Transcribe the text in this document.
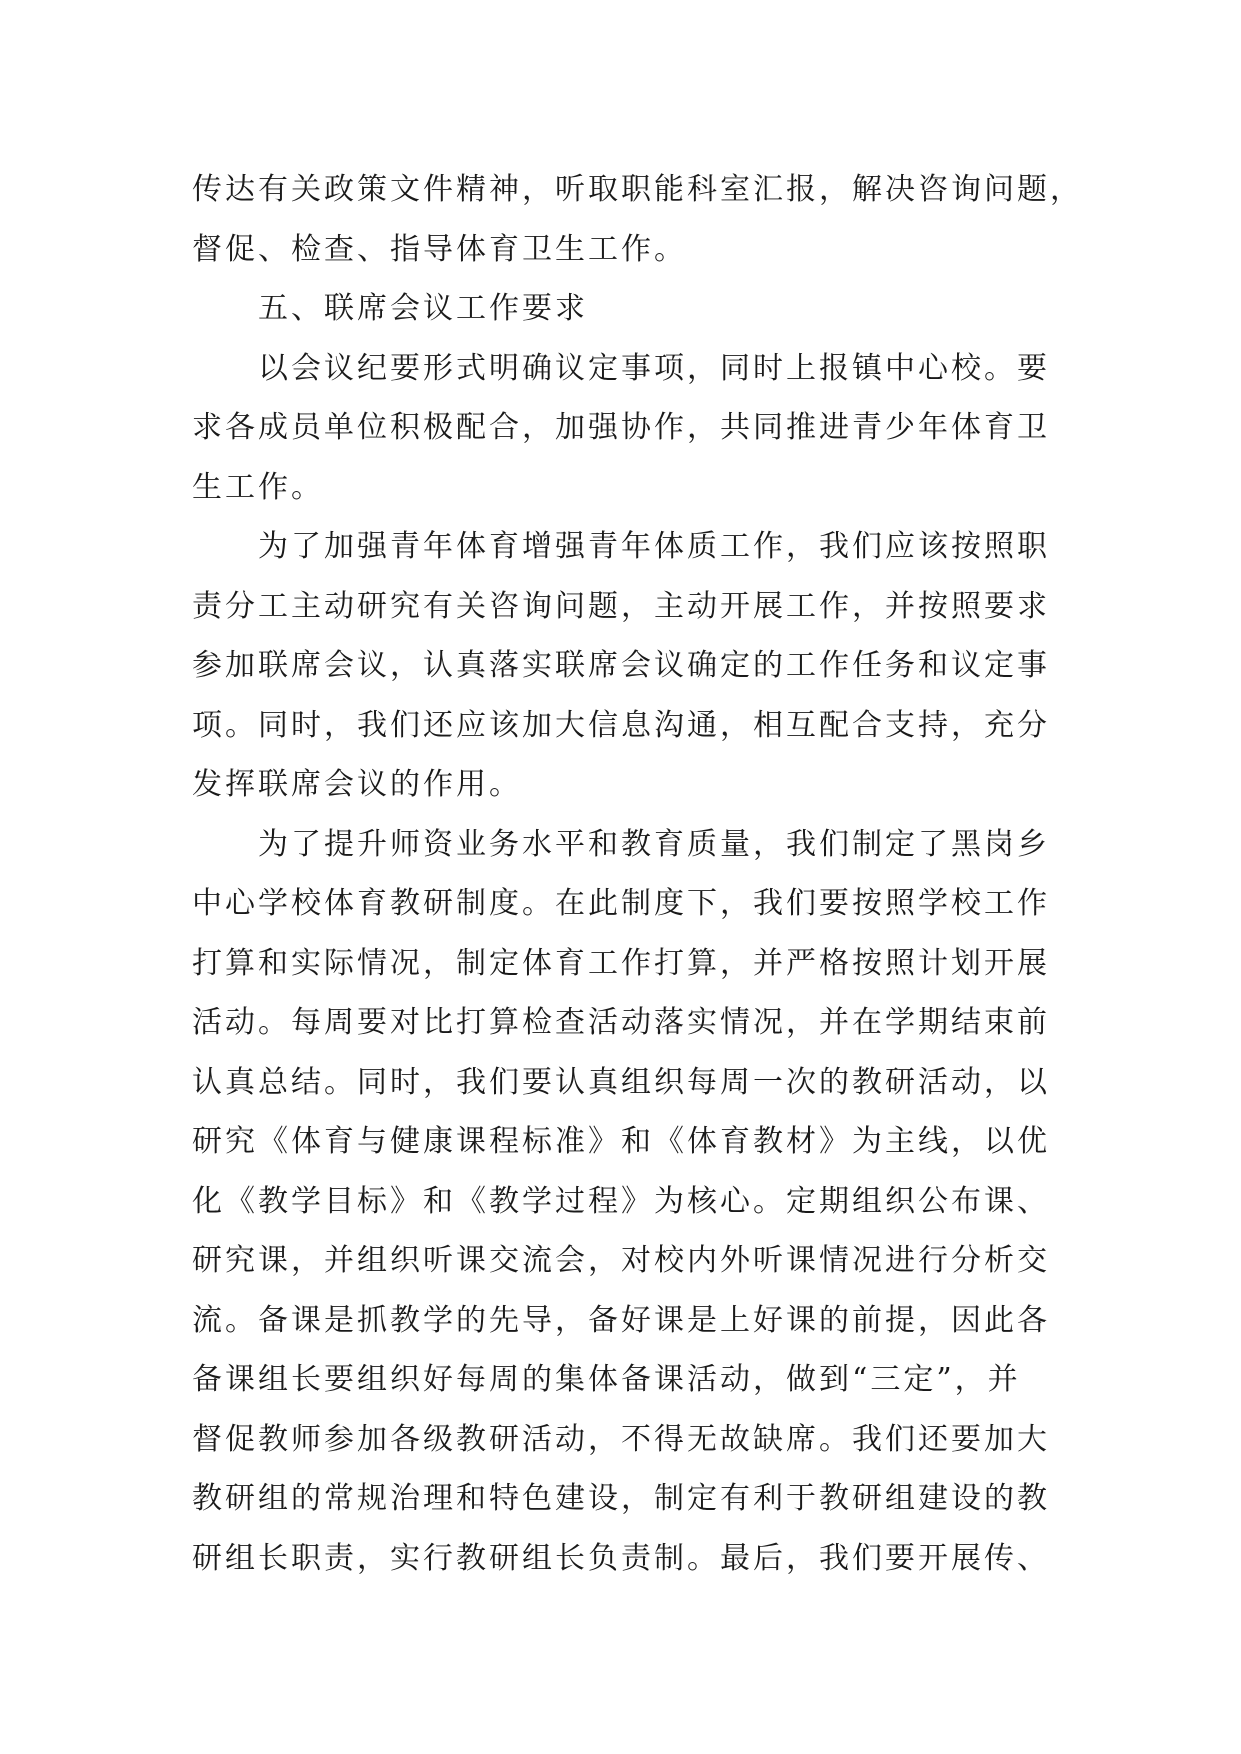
传达有关政策文件精神，听取职能科室汇报，解决咨询问题，
督促、检查、指导体育卫生工作。
五、联席会议工作要求
以会议纪要形式明确议定事项，同时上报镇中心校。要
求各成员单位积极配合，加强协作，共同推进青少年体育卫
生工作。
为了加强青年体育增强青年体质工作，我们应该按照职
责分工主动研究有关咨询问题，主动开展工作，并按照要求
参加联席会议，认真落实联席会议确定的工作任务和议定事
项。同时，我们还应该加大信息沟通，相互配合支持，充分
发挥联席会议的作用。
为了提升师资业务水平和教育质量，我们制定了黑岗乡
中心学校体育教研制度。在此制度下，我们要按照学校工作
打算和实际情况，制定体育工作打算，并严格按照计划开展
活动。每周要对比打算检查活动落实情况，并在学期结束前
认真总结。同时，我们要认真组织每周一次的教研活动，以
研究《体育与健康课程标准》和《体育教材》为主线，以优
化《教学目标》和《教学过程》为核心。定期组织公布课、
研究课，并组织听课交流会，对校内外听课情况进行分析交
流。备课是抓教学的先导，备好课是上好课的前提，因此各
备课组长要组织好每周的集体备课活动，做到“三定”，并
督促教师参加各级教研活动，不得无故缺席。我们还要加大
教研组的常规治理和特色建设，制定有利于教研组建设的教
研组长职责，实行教研组长负责制。最后，我们要开展传、
